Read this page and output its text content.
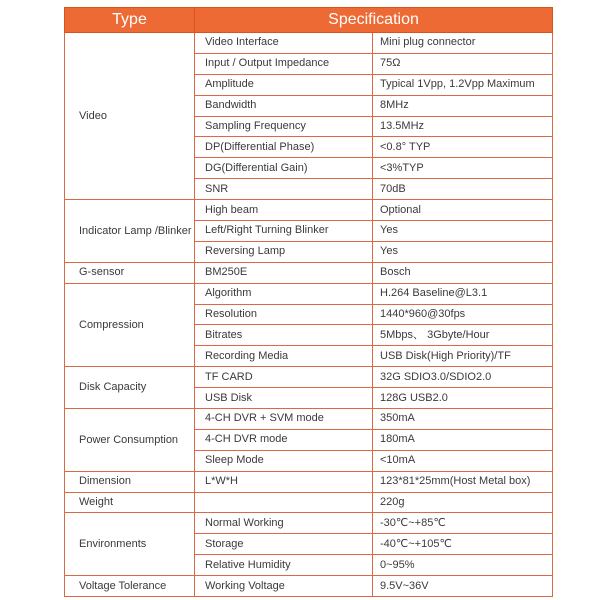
Type	Specification	
Video	Video Interface	Mini plug connector
	Input / Output Impedance	75Ω
	Amplitude	Typical 1Vpp, 1.2Vpp Maximum
	Bandwidth	8MHz
	Sampling Frequency	13.5MHz
	DP(Differential Phase)	<0.8° TYP
	DG(Differential Gain)	<3%TYP
	SNR	70dB
Indicator Lamp /Blinker	High beam	Optional
	Left/Right Turning Blinker	Yes
	Reversing Lamp	Yes
G-sensor	BM250E	Bosch
Compression	Algorithm	H.264 Baseline@L3.1
	Resolution	1440*960@30fps
	Bitrates	5Mbps、 3Gbyte/Hour
	Recording Media	USB Disk(High Priority)/TF
Disk Capacity	TF CARD	32G SDIO3.0/SDIO2.0
	USB Disk	128G USB2.0
Power Consumption	4-CH DVR + SVM mode	350mA
	4-CH DVR mode	180mA
	Sleep Mode	<10mA
Dimension	L*W*H	123*81*25mm(Host Metal box)
Weight		220g
Environments	Normal Working	-30℃~+85℃
	Storage	-40℃~+105℃
	Relative Humidity	0~95%
Voltage Tolerance	Working Voltage	9.5V~36V
